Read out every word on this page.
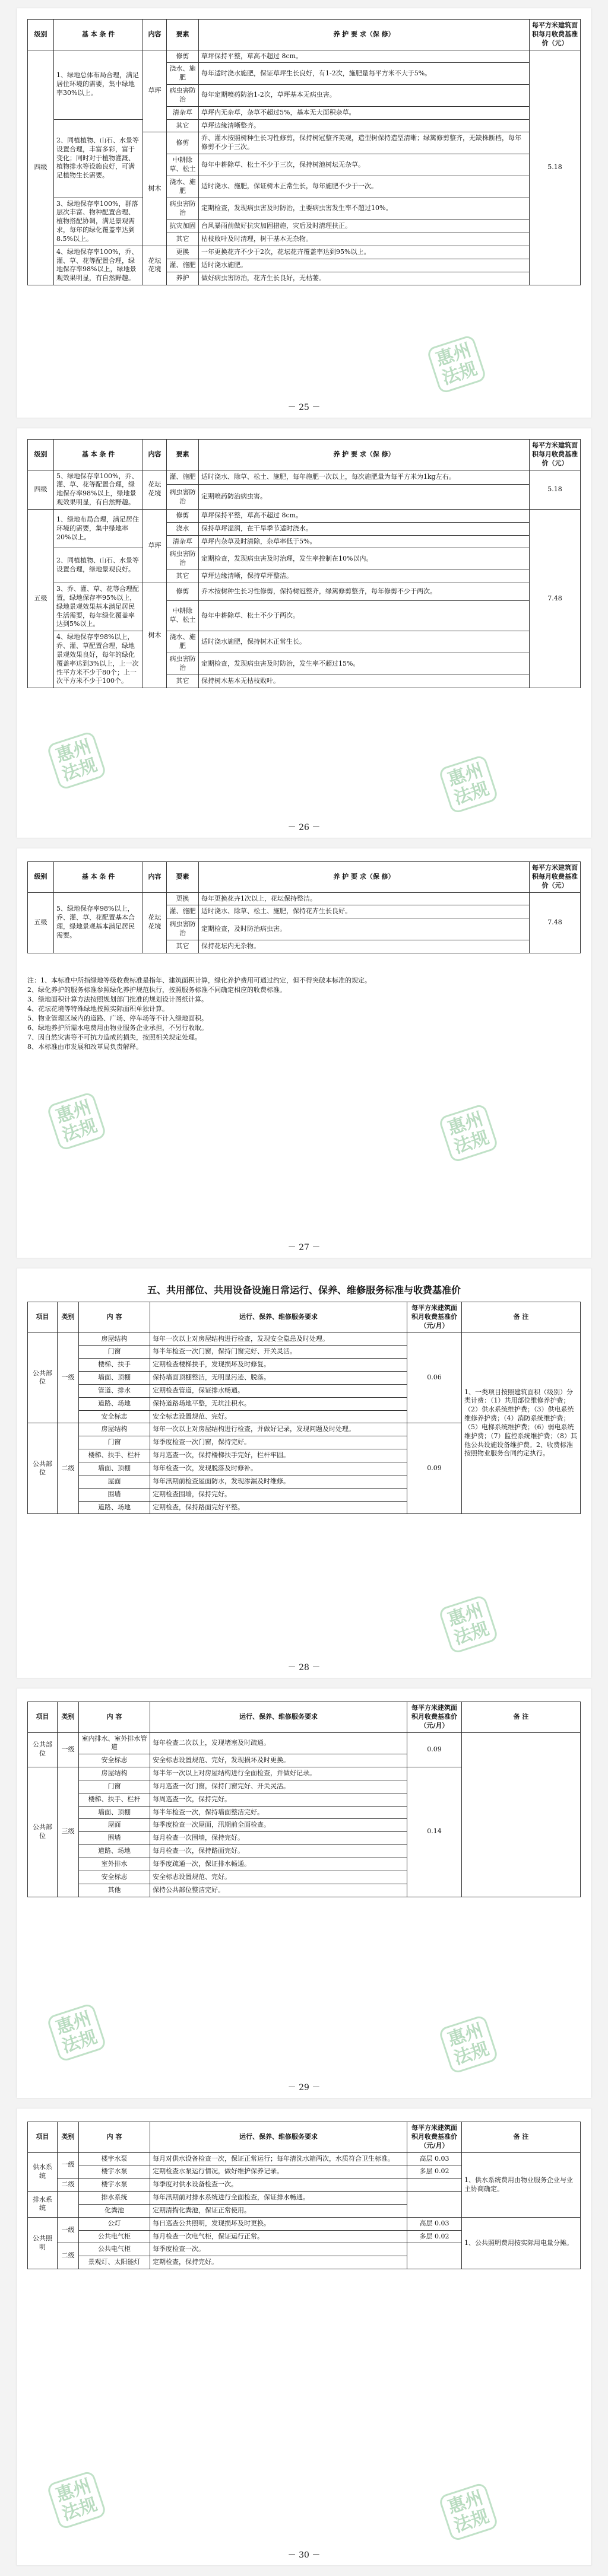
级别	基 本 条 件	内容	要素	养 护 要 求（保 修）	每平方米建筑面积每月收费基准价（元）
四级	1、绿地总体布局合理，满足居住环境的需要，集中绿地率30%以上。	草坪	修剪	草坪保持平整，草高不超过 8cm。	5.18
			浇水、施肥	每年适时浇水施肥，保证草坪生长良好，有1-2次，施肥量每平方米不大于5%。	
			病虫害防治	每年定期喷药防治1-2次，草坪基本无病虫害。	
			清杂草	草坪内无杂草，杂草不超过5%，基本无大面积杂草。	
	2、同植植物、山石、水景等设置合理，丰富多彩，富于变化；同时对于植物灌溉、植物排水等设施良好，可满足植物生长需要。		其它	草坪边缘清晰整齐。	
		树木	修剪	乔、灌木按照树种生长习性修剪，保持树冠整齐美观，造型树保持造型清晰；绿篱修剪整齐，无缺株断档，每年修剪不少于三次。	
			中耕除草、松土	每年中耕除草、松土不少于三次，保持树池树坛无杂草。	
			浇水、施肥	适时浇水、施肥，保证树木正常生长，每年施肥不少于一次。	
	3、绿地保存率100%，群落层次丰富、物种配置合理、植物搭配协调，满足景观需求，每年的绿化覆盖率达到8.5%以上。		病虫害防治	定期检查，发现病虫害及时防治，主要病虫害发生率不超过10%。	
			抗灾加固	台风暴雨前做好抗灾加固措施，灾后及时清理扶正。	
			其它	枯枝败叶及时清理，树干基本无杂物。	
	4、绿地保存率100%，乔、灌、草、花等配置合理，绿地保存率98%以上，绿地景观效果明显，有自然野趣。	花坛花境	更换	一年更换花卉不少于2次，花坛花卉覆盖率达到95%以上。	
			灌、施肥	适时浇水施肥。	
			养护	做好病虫害防治，花卉生长良好，无枯萎。	
惠州
法规
－ 25 －
级别	基 本 条 件	内容	要素	养 护 要 求（保 修）	每平方米建筑面积每月收费基准价（元）
四级	5、绿地保存率100%，乔、灌、草、花等配置合理，绿地保存率98%以上，绿地景观效果明显，有自然野趣。	花坛花境	灌、施肥	适时浇水、除草、松土、施肥，每年施肥一次以上，每次施肥量为每平方米为1kg左右。	5.18
			病虫害防治	定期喷药防治病虫害。	
五级	1、绿地布局合理，满足居住环境的需要，集中绿地率20%以上。	草坪	修剪	草坪保持平整，草高不超过 8cm。	7.48
			浇水	保持草坪湿润，在干旱季节适时浇水。	
			清杂草	草坪内杂草及时清除，杂草率低于5%。	
	2、同植植物、山石、水景等设置合理，绿地景观良好。		病虫害防治	定期检查，发现病虫害及时治理，发生率控制在10%以内。	
			其它	草坪边缘清晰，保持草坪整洁。	
	3、乔、灌、草、花等合理配置，绿地保存率95%以上，绿地景观效果基本满足居民生活需要，每年绿化覆盖率达到5%以上。	树木	修剪	乔木按树种生长习性修剪，保持树冠整齐，绿篱修剪整齐，每年修剪不少于两次。	
			中耕除草、松土	每年中耕除草、松土不少于两次。	
	4、绿地保存率98%以上，乔、灌、草配置合理，绿地景观效果良好，每年的绿化覆盖率达到3%以上，上一次性平方米不少于80个；上一次平方米不少于100个。		浇水、施肥	适时浇水施肥，保持树木正常生长。	
			病虫害防治	定期检查，发现病虫害及时防治，发生率不超过15%。	
			其它	保持树木基本无枯枝败叶。	
惠州
法规	惠州
法规
－ 26 －
级别	基 本 条 件	内容	要素	养 护 要 求（保 修）	每平方米建筑面积每月收费基准价（元）
五级	5、绿地保存率98%以上，乔、灌、草、花配置基本合理，绿地景观基本满足居民需要。	花坛花境	更换	每年更换花卉1次以上，花坛保持整洁。	7.48
			灌、施肥	适时浇水、除草、松土、施肥，保持花卉生长良好。	
			病虫害防治	定期检查，及时防治病虫害。	
			其它	保持花坛内无杂物。	

注：1、本标准中所指绿地等级收费标准是指年、建筑面积计算，绿化养护费用可通过约定，但不得突破本标准的规定。

2、绿化养护的服务标准参照绿化养护规范执行，按照服务标准不同确定相应的收费标准。

3、绿地面积计算方法按照规划部门批准的规划设计图纸计算。

4、花坛花境等特殊绿地按照实际面积单独计算。

5、物业管理区域内的道路、广场、停车场等不计入绿地面积。

6、绿地养护所需水电费用由物业服务企业承担，不另行收取。

7、因自然灾害等不可抗力造成的损失，按照相关规定处理。

8、本标准由市发展和改革局负责解释。

惠州
法规	惠州
法规
－ 27 －
五、共用部位、共用设备设施日常运行、保养、维修服务标准与收费基准价
项目	类别	内 容	运行、保养、维修服务要求	每平方米建筑面积月收费基准价（元/月）	备 注
公共部位	一级	房屋结构	每年一次以上对房屋结构进行检查，发现安全隐患及时处理。	0.06	1、一类项目按照建筑面积（级别）分类计费：（1）共用部位维修养护费；（2）供水系统维护费；（3）供电系统维修养护费；（4）消防系统维护费；（5）电梯系统维护费；（6）弱电系统维护费；（7）监控系统维护费；（8）其他公共设施设备维护费。2、收费标准按照物业服务合同约定执行。
		门窗	每半年检查一次门窗，保持门窗完好、开关灵活。		
		楼梯、扶手	定期检查楼梯扶手，发现损坏及时修复。		
		墙面、顶棚	保持墙面顶棚整洁，无明显污迹、脱落。		
		管道、排水	定期检查管道，保证排水畅通。		
		道路、场地	保持道路场地平整，无坑洼积水。		
		安全标志	安全标志设置规范、完好。		
公共部位	二级	房屋结构	每年一次以上对房屋结构进行检查，并做好记录，发现问题及时处理。	0.09	
		门窗	每季度检查一次门窗，保持完好。		
		楼梯、扶手、栏杆	每月巡查一次，保持楼梯扶手完好，栏杆牢固。		
		墙面、顶棚	每年检查一次，发现脱落及时修补。		
		屋面	每年汛期前检查屋面防水，发现渗漏及时维修。		
		围墙	定期检查围墙，保持完好。		
		道路、场地	定期检查，保持路面完好平整。		
惠州
法规
－ 28 －
项目	类别	内 容	运行、保养、维修服务要求	每平方米建筑面积月收费基准价（元/月）	备 注
公共部位	一级	室内排水、室外排水管道	每年检查二次以上，发现堵塞及时疏通。	0.09	
		安全标志	安全标志设置规范、完好，发现损坏及时更换。		
公共部位	三级	房屋结构	每半年一次以上对房屋结构进行全面检查，并做好记录。	0.14	
		门窗	每月巡查一次门窗，保持门窗完好、开关灵活。		
		楼梯、扶手、栏杆	每周巡查一次，保持完好。		
		墙面、顶棚	每半年检查一次，保持墙面整洁完好。		
		屋面	每季度检查一次屋面，汛期前全面检查。		
		围墙	每月检查一次围墙，保持完好。		
		道路、场地	每月检查一次，保持路面完好。		
		室外排水	每季度疏通一次，保证排水畅通。		
		安全标志	安全标志设置规范、完好。		
		其他	保持公共部位整洁完好。		
惠州
法规	惠州
法规
－ 29 －
项目	类别	内 容	运行、保养、维修服务要求	每平方米建筑面积月收费基准价（元/月）	备 注
供水系统	一级	楼宇水泵	每月对供水设备检查一次，保证正常运行；每年清洗水箱两次，水质符合卫生标准。	高层 0.03	1、供水系统费用由物业服务企业与业主协商确定。
		楼宇水泵	定期检查水泵运行情况，做好维护保养记录。	多层 0.02	
	二级	楼宇水泵	每季度对供水设备检查一次。		
排水系统		排水系统	每年汛期前对排水系统进行全面检查，保证排水畅通。		
		化粪池	定期清掏化粪池，保证正常使用。		
公共照明	一级	公灯	每日巡查公共照明，发现损坏及时更换。	高层 0.03	1、公共照明费用按实际用电量分摊。
		公共电气柜	每月检查一次电气柜，保证运行正常。	多层 0.02	
	二级	公共电气柜	每季度检查一次。		
		景观灯、太阳能灯	定期检查，保持完好。		
惠州
法规	惠州
法规
－ 30 －
